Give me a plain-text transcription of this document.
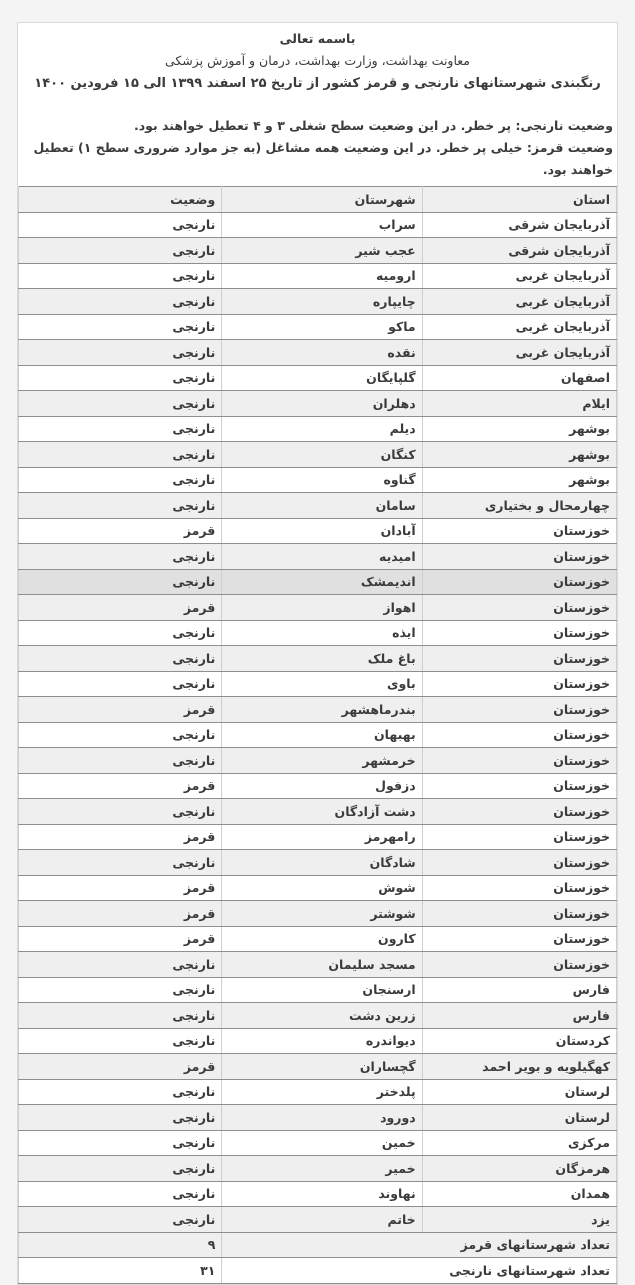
باسمه تعالی
معاونت بهداشت، وزارت بهداشت، درمان و آموزش پزشکی
رنگبندی شهرستانهای نارنجی و قرمز کشور از تاریخ ۲۵ اسفند ۱۳۹۹ الی ۱۵ فرودین ۱۴۰۰
وضعیت نارنجی: پر خطر. در این وضعیت سطح شغلی ۳ و ۴ تعطیل خواهند بود.
وضعیت قرمز: خیلی پر خطر. در این وضعیت همه مشاغل (به جز موارد ضروری سطح ۱) تعطیل خواهند بود.
استان	شهرستان	وضعیت
آذربایجان شرقی	سراب	نارنجی
آذربایجان شرقی	عجب شیر	نارنجی
آذربایجان غربی	ارومیه	نارنجی
آذربایجان غربی	چایپاره	نارنجی
آذربایجان غربی	ماکو	نارنجی
آذربایجان غربی	نقده	نارنجی
اصفهان	گلپایگان	نارنجی
ایلام	دهلران	نارنجی
بوشهر	دیلم	نارنجی
بوشهر	کنگان	نارنجی
بوشهر	گناوه	نارنجی
چهارمحال و بختیاری	سامان	نارنجی
خوزستان	آبادان	قرمز
خوزستان	امیدیه	نارنجی
خوزستان	اندیمشک	نارنجی
خوزستان	اهواز	قرمز
خوزستان	ایذه	نارنجی
خوزستان	باغ ملک	نارنجی
خوزستان	باوی	نارنجی
خوزستان	بندرماهشهر	قرمز
خوزستان	بهبهان	نارنجی
خوزستان	خرمشهر	نارنجی
خوزستان	دزفول	قرمز
خوزستان	دشت آزادگان	نارنجی
خوزستان	رامهرمز	قرمز
خوزستان	شادگان	نارنجی
خوزستان	شوش	قرمز
خوزستان	شوشتر	قرمز
خوزستان	کارون	قرمز
خوزستان	مسجد سلیمان	نارنجی
فارس	ارسنجان	نارنجی
فارس	زرین دشت	نارنجی
کردستان	دیواندره	نارنجی
کهگیلویه و بویر احمد	گچساران	قرمز
لرستان	پلدختر	نارنجی
لرستان	دورود	نارنجی
مرکزی	خمین	نارنجی
هرمزگان	خمیر	نارنجی
همدان	نهاوند	نارنجی
یزد	خاتم	نارنجی
تعداد شهرستانهای قرمز		۹
تعداد شهرستانهای نارنجی		۳۱
